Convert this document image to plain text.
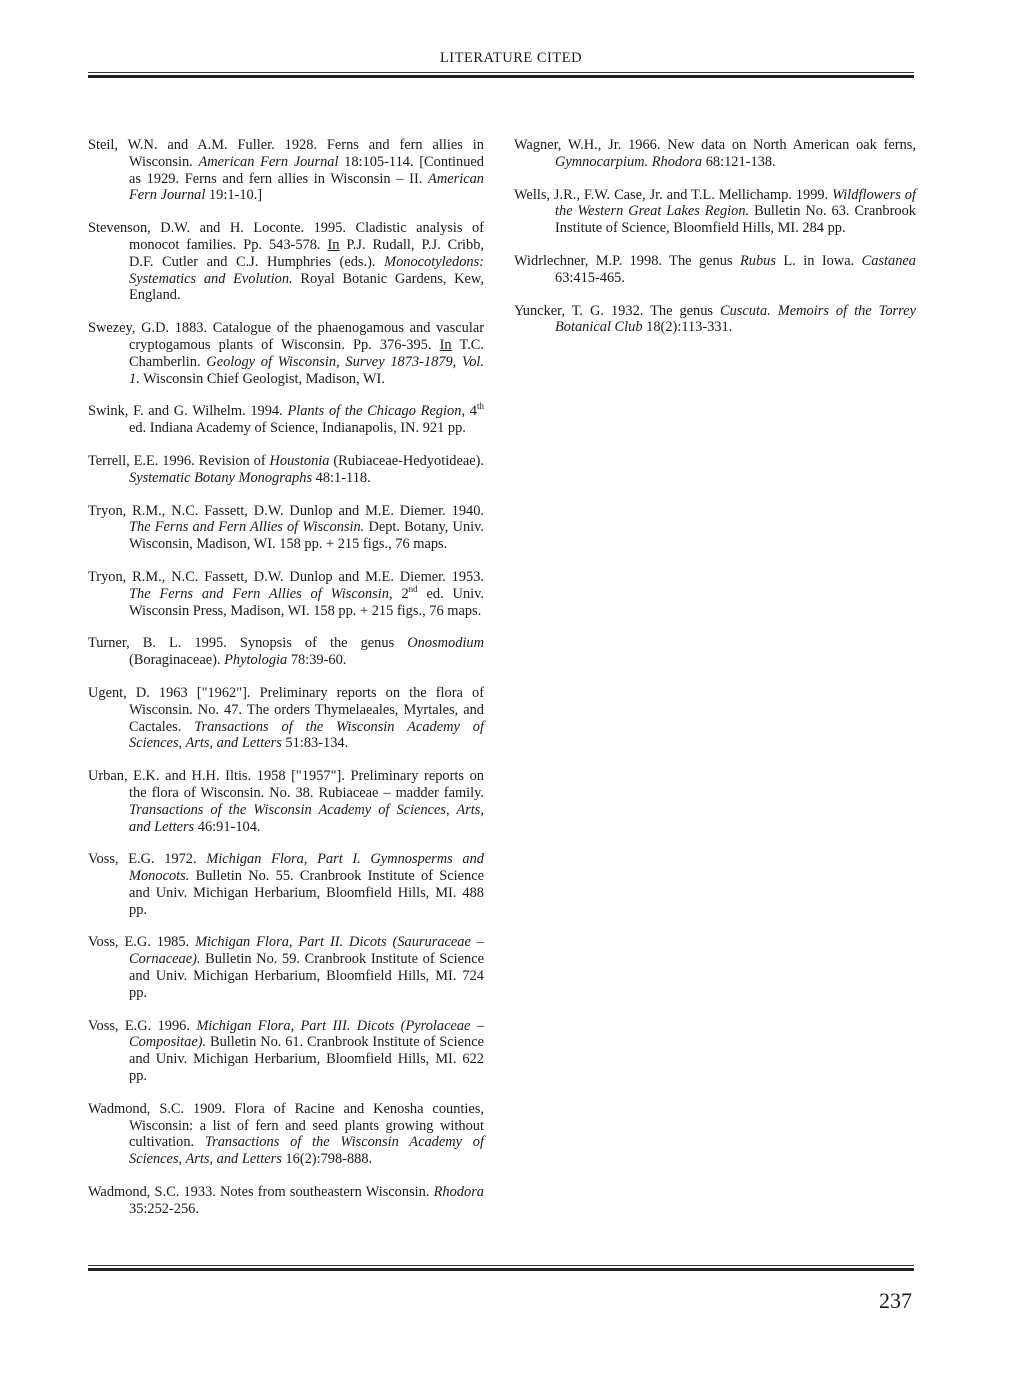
LITERATURE CITED

Steil, W.N. and A.M. Fuller. 1928. Ferns and fern allies in Wisconsin. American Fern Journal 18:105-114. [Continued as 1929. Ferns and fern allies in Wisconsin – II. American Fern Journal 19:1-10.]

Stevenson, D.W. and H. Loconte. 1995. Cladistic analysis of monocot families. Pp. 543-578. In P.J. Rudall, P.J. Cribb, D.F. Cutler and C.J. Humphries (eds.). Monocotyledons: Systematics and Evolution. Royal Botanic Gardens, Kew, England.

Swezey, G.D. 1883. Catalogue of the phaenogamous and vascular cryptogamous plants of Wisconsin. Pp. 376-395. In T.C. Chamberlin. Geology of Wisconsin, Survey 1873-1879, Vol. 1. Wisconsin Chief Geologist, Madison, WI.

Swink, F. and G. Wilhelm. 1994. Plants of the Chicago Region, 4th ed. Indiana Academy of Science, Indianapolis, IN. 921 pp.

Terrell, E.E. 1996. Revision of Houstonia (Rubiaceae-Hedyotideae). Systematic Botany Monographs 48:1-118.

Tryon, R.M., N.C. Fassett, D.W. Dunlop and M.E. Diemer. 1940. The Ferns and Fern Allies of Wisconsin. Dept. Botany, Univ. Wisconsin, Madison, WI. 158 pp. + 215 figs., 76 maps.

Tryon, R.M., N.C. Fassett, D.W. Dunlop and M.E. Diemer. 1953. The Ferns and Fern Allies of Wisconsin, 2nd ed. Univ. Wisconsin Press, Madison, WI. 158 pp. + 215 figs., 76 maps.

Turner, B. L. 1995. Synopsis of the genus Onosmodium (Boraginaceae). Phytologia 78:39-60.

Ugent, D. 1963 ["1962"]. Preliminary reports on the flora of Wisconsin. No. 47. The orders Thymelaeales, Myrtales, and Cactales. Transactions of the Wisconsin Academy of Sciences, Arts, and Letters 51:83-134.

Urban, E.K. and H.H. Iltis. 1958 ["1957"]. Preliminary reports on the flora of Wisconsin. No. 38. Rubiaceae – madder family. Transactions of the Wisconsin Academy of Sciences, Arts, and Letters 46:91-104.

Voss, E.G. 1972. Michigan Flora, Part I. Gymnosperms and Monocots. Bulletin No. 55. Cranbrook Institute of Science and Univ. Michigan Herbarium, Bloomfield Hills, MI. 488 pp.

Voss, E.G. 1985. Michigan Flora, Part II. Dicots (Saururaceae – Cornaceae). Bulletin No. 59. Cranbrook Institute of Science and Univ. Michigan Herbarium, Bloomfield Hills, MI. 724 pp.

Voss, E.G. 1996. Michigan Flora, Part III. Dicots (Pyrolaceae – Compositae). Bulletin No. 61. Cranbrook Institute of Science and Univ. Michigan Herbarium, Bloomfield Hills, MI. 622 pp.

Wadmond, S.C. 1909. Flora of Racine and Kenosha counties, Wisconsin: a list of fern and seed plants growing without cultivation. Transactions of the Wisconsin Academy of Sciences, Arts, and Letters 16(2):798-888.

Wadmond, S.C. 1933. Notes from southeastern Wisconsin. Rhodora 35:252-256.

Wagner, W.H., Jr. 1966. New data on North American oak ferns, Gymnocarpium. Rhodora 68:121-138.

Wells, J.R., F.W. Case, Jr. and T.L. Mellichamp. 1999. Wildflowers of the Western Great Lakes Region. Bulletin No. 63. Cranbrook Institute of Science, Bloomfield Hills, MI. 284 pp.

Widrlechner, M.P. 1998. The genus Rubus L. in Iowa. Castanea 63:415-465.

Yuncker, T. G. 1932. The genus Cuscuta. Memoirs of the Torrey Botanical Club 18(2):113-331.

237
